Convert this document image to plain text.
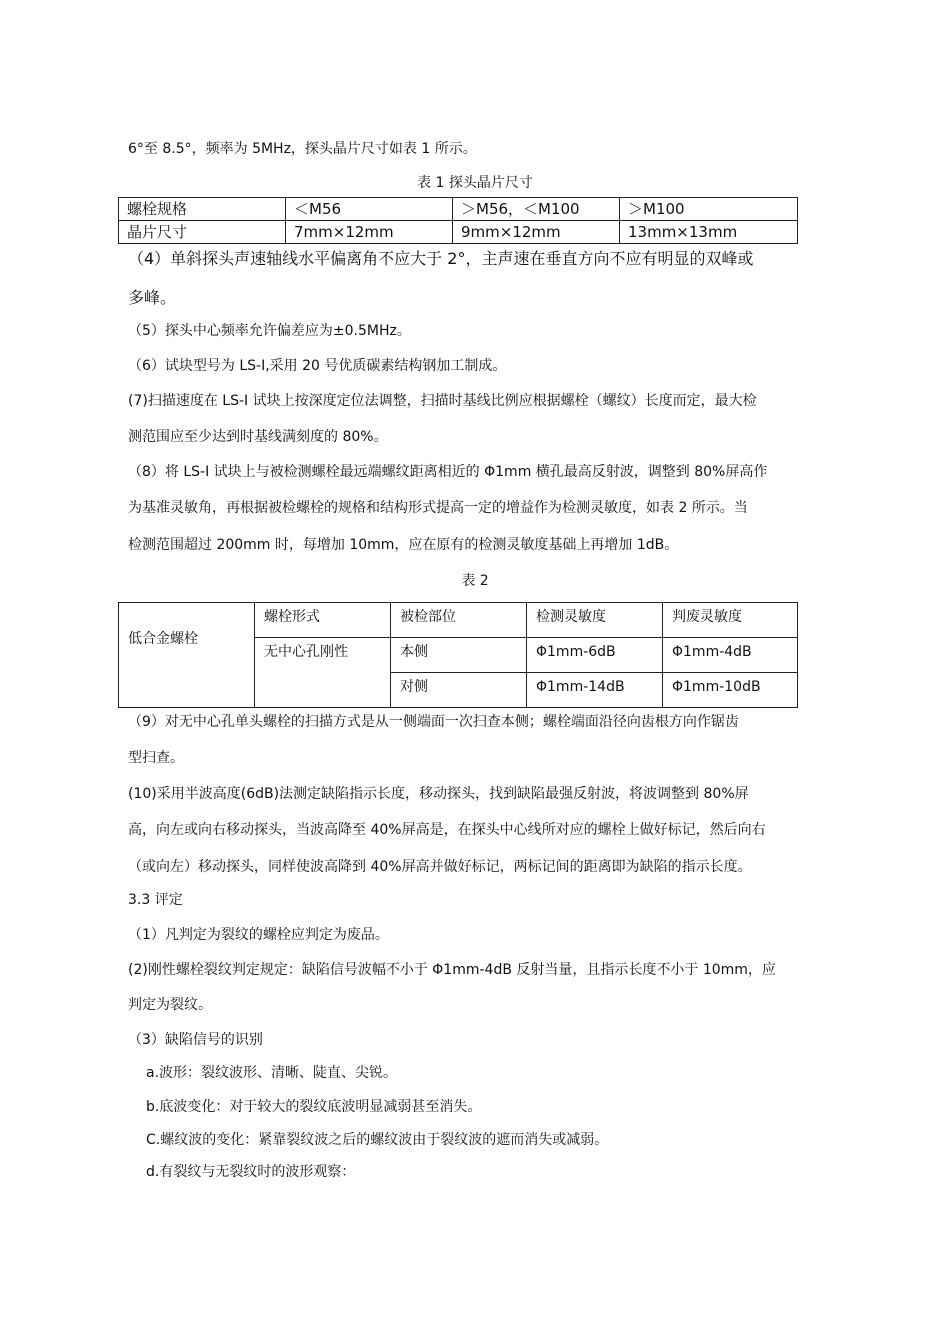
6°至 8.5°，频率为 5MHz，探头晶片尺寸如表 1 所示。
表 1 探头晶片尺寸
螺栓规格	＜M56	＞M56，＜M100	＞M100
晶片尺寸	7mm×12mm	9mm×12mm	13mm×13mm
（4）单斜探头声速轴线水平偏离角不应大于 2°，主声速在垂直方向不应有明显的双峰或
多峰。
（5）探头中心频率允许偏差应为±0.5MHz。
（6）试块型号为 LS-I,采用 20 号优质碳素结构钢加工制成。
(7)扫描速度在 LS-I 试块上按深度定位法调整，扫描时基线比例应根据螺栓（螺纹）长度而定，最大检
测范围应至少达到时基线满刻度的 80%。
（8）将 LS-I 试块上与被检测螺栓最远端螺纹距离相近的 Φ1mm 横孔最高反射波，调整到 80%屏高作
为基准灵敏角，再根据被检螺栓的规格和结构形式提高一定的增益作为检测灵敏度，如表 2 所示。当
检测范围超过 200mm 时，每增加 10mm，应在原有的检测灵敏度基础上再增加 1dB。
表 2
低合金螺栓	螺栓形式	被检部位	检测灵敏度	判废灵敏度
	无中心孔刚性	本侧	Φ1mm-6dB	Φ1mm-4dB
		对侧	Φ1mm-14dB	Φ1mm-10dB
（9）对无中心孔单头螺栓的扫描方式是从一侧端面一次扫查本侧；螺栓端面沿径向齿根方向作锯齿
型扫查。
(10)采用半波高度(6dB)法测定缺陷指示长度，移动探头，找到缺陷最强反射波，将波调整到 80%屏
高，向左或向右移动探头，当波高降至 40%屏高是，在探头中心线所对应的螺栓上做好标记，然后向右
（或向左）移动探头，同样使波高降到 40%屏高并做好标记，两标记间的距离即为缺陷的指示长度。
3.3 评定
（1）凡判定为裂纹的螺栓应判定为废品。
(2)刚性螺栓裂纹判定规定：缺陷信号波幅不小于 Φ1mm-4dB 反射当量，且指示长度不小于 10mm，应
判定为裂纹。
（3）缺陷信号的识别
a.波形：裂纹波形、清晰、陡直、尖锐。
b.底波变化：对于较大的裂纹底波明显减弱甚至消失。
C.螺纹波的变化：紧靠裂纹波之后的螺纹波由于裂纹波的遮而消失或减弱。
d.有裂纹与无裂纹时的波形观察：
